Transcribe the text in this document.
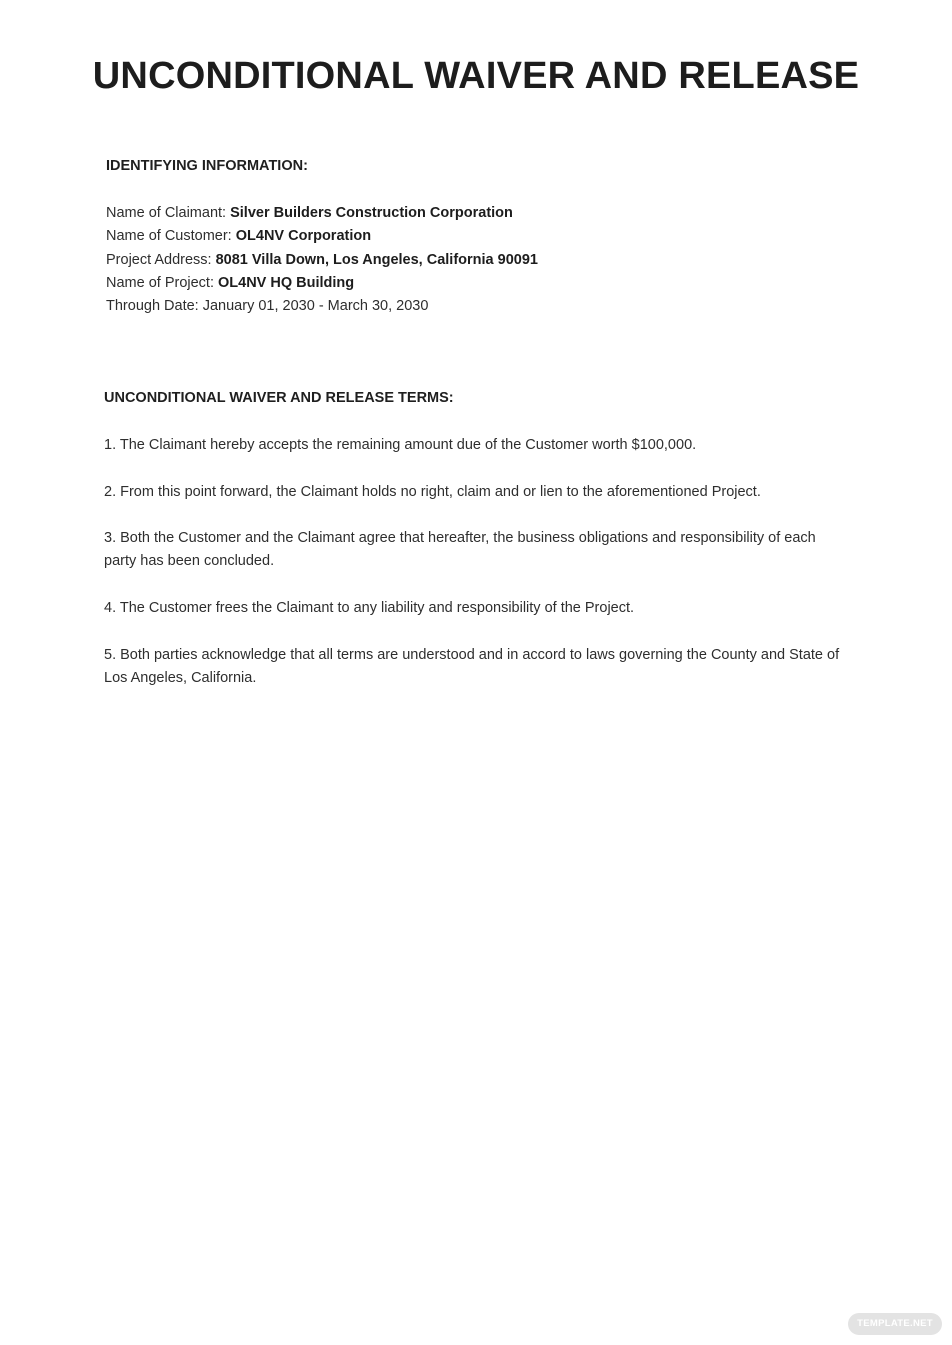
UNCONDITIONAL WAIVER AND RELEASE
IDENTIFYING INFORMATION:
Name of Claimant: Silver Builders Construction Corporation
Name of Customer: OL4NV Corporation
Project Address: 8081 Villa Down, Los Angeles, California 90091
Name of Project: OL4NV HQ Building
Through Date: January 01, 2030 - March 30, 2030
UNCONDITIONAL WAIVER AND RELEASE TERMS:

1. The Claimant hereby accepts the remaining amount due of the Customer worth $100,000.

2. From this point forward, the Claimant holds no right, claim and or lien to the aforementioned Project.

3. Both the Customer and the Claimant agree that hereafter, the business obligations and responsibility of each party has been concluded.

4. The Customer frees the Claimant to any liability and responsibility of the Project.

5. Both parties acknowledge that all terms are understood and in accord to laws governing the County and State of Los Angeles, California.

TEMPLATE.NET
